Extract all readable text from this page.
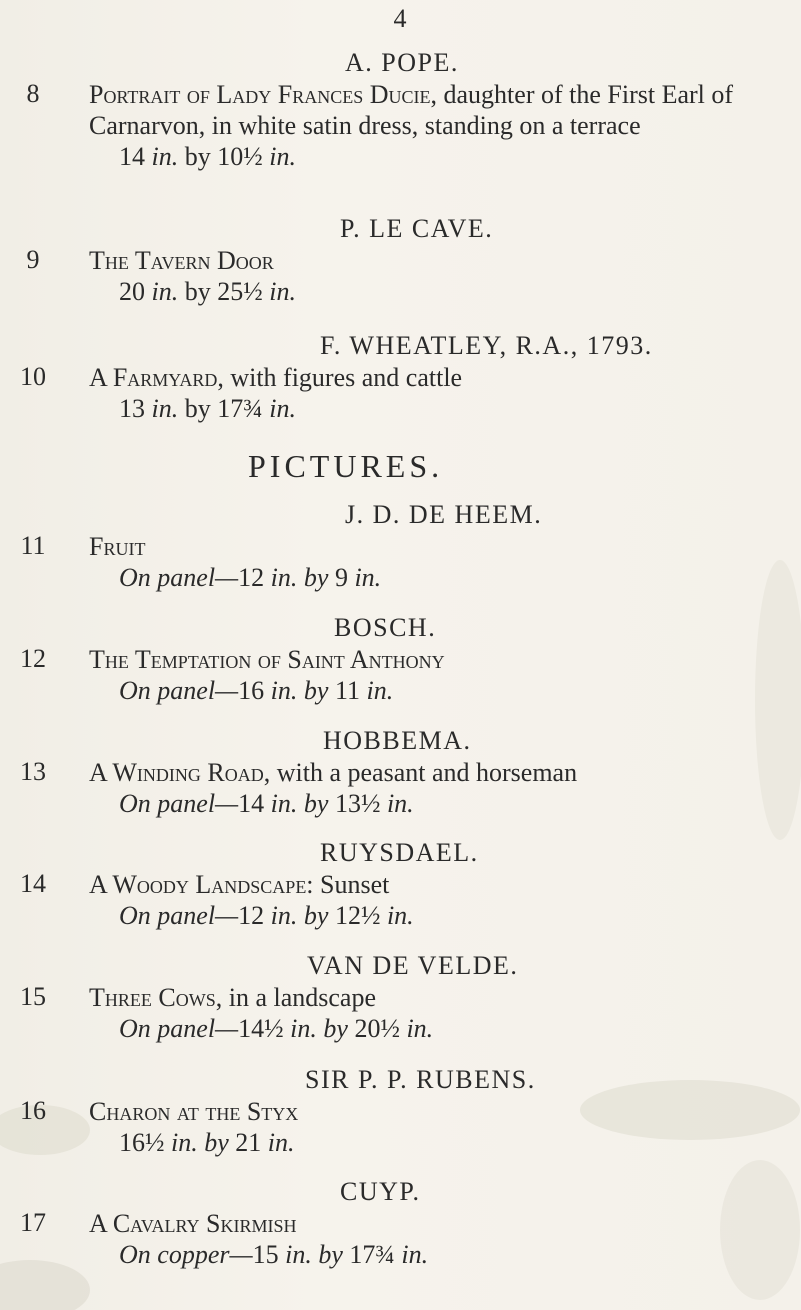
4
A. POPE.
8	Portrait of Lady Frances Ducie, daughter of the First Earl of Carnarvon, in white satin dress, standing on a terrace
14 in. by 10½ in.
P. LE CAVE.
9	The Tavern Door
20 in. by 25½ in.
F. WHEATLEY, R.A., 1793.
10	A Farmyard, with figures and cattle
13 in. by 17¾ in.
PICTURES.
J. D. DE HEEM.
11	Fruit
On panel—12 in. by 9 in.
BOSCH.
12	The Temptation of Saint Anthony
On panel—16 in. by 11 in.
HOBBEMA.
13	A Winding Road, with a peasant and horseman
On panel—14 in. by 13½ in.
RUYSDAEL.
14	A Woody Landscape: Sunset
On panel—12 in. by 12½ in.
VAN DE VELDE.
15	Three Cows, in a landscape
On panel—14½ in. by 20½ in.
SIR P. P. RUBENS.
16	Charon at the Styx
16½ in. by 21 in.
CUYP.
17	A Cavalry Skirmish
On copper—15 in. by 17¾ in.
